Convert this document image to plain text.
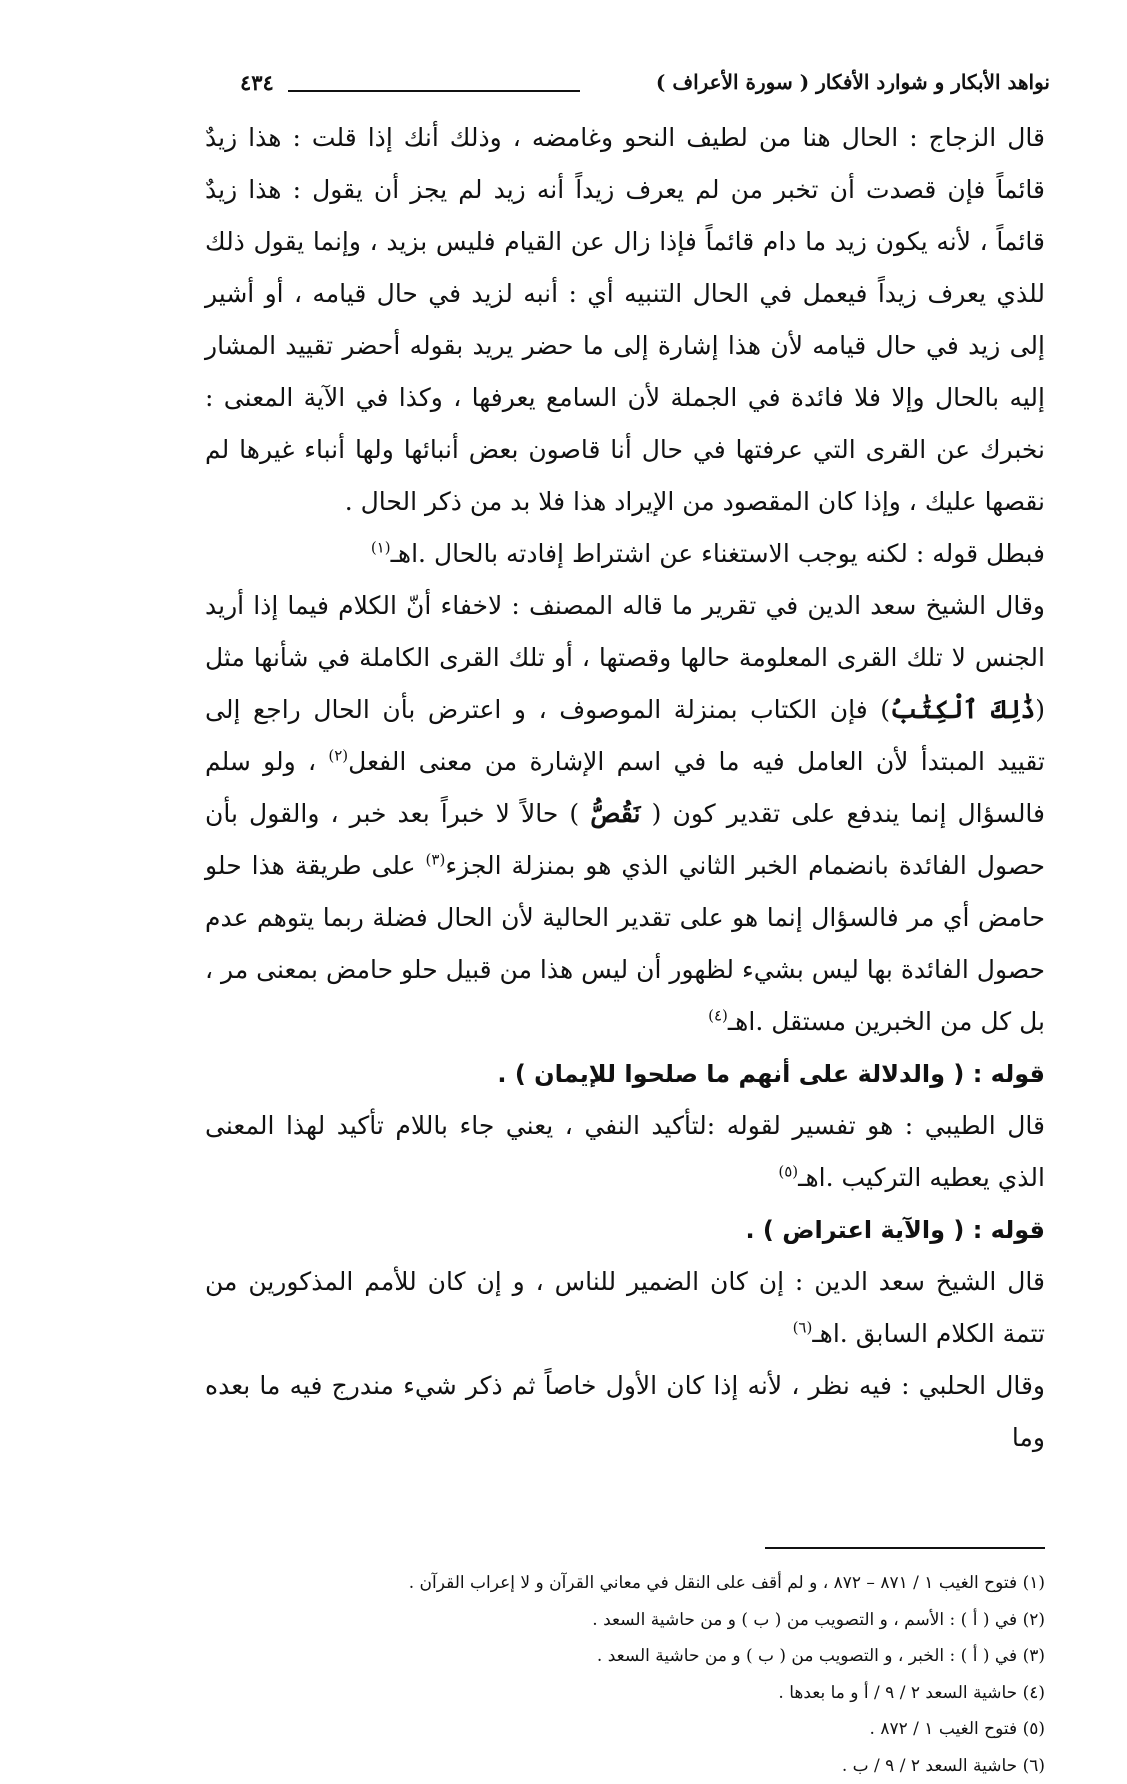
نواهد الأبكار و شوارد الأفكار ( سورة الأعراف )
٤٣٤

قال الزجاج : الحال هنا من لطيف النحو وغامضه ، وذلك أنك إذا قلت : هذا زيدٌ قائماً فإن قصدت أن تخبر من لم يعرف زيداً أنه زيد لم يجز أن يقول : هذا زيدٌ قائماً ، لأنه يكون زيد ما دام قائماً فإذا زال عن القيام فليس بزيد ، وإنما يقول ذلك للذي يعرف زيداً فيعمل في الحال التنبيه أي : أنبه لزيد في حال قيامه ، أو أشير إلى زيد في حال قيامه لأن هذا إشارة إلى ما حضر يريد بقوله أحضر تقييد المشار إليه بالحال وإلا فلا فائدة في الجملة لأن السامع يعرفها ، وكذا في الآية المعنى : نخبرك عن القرى التي عرفتها في حال أنا قاصون بعض أنبائها ولها أنباء غيرها لم نقصها عليك ، وإذا كان المقصود من الإيراد هذا فلا بد من ذكر الحال .

فبطل قوله : لكنه يوجب الاستغناء عن اشتراط إفادته بالحال .اهـ$^{(١)}$

وقال الشيخ سعد الدين في تقرير ما قاله المصنف : لاخفاء أنّ الكلام فيما إذا أريد الجنس لا تلك القرى المعلومة حالها وقصتها ، أو تلك القرى الكاملة في شأنها مثل (ذَٰلِكَ ٱلْكِتَٰبُ) فإن الكتاب بمنزلة الموصوف ، و اعترض بأن الحال راجع إلى تقييد المبتدأ لأن العامل فيه ما في اسم الإشارة من معنى الفعل$^{(٢)}$ ، ولو سلم فالسؤال إنما يندفع على تقدير كون ( نَقُصُّ ) حالاً لا خبراً بعد خبر ، والقول بأن حصول الفائدة بانضمام الخبر الثاني الذي هو بمنزلة الجزء$^{(٣)}$ على طريقة هذا حلو حامض أي مر فالسؤال إنما هو على تقدير الحالية لأن الحال فضلة ربما يتوهم عدم حصول الفائدة بها ليس بشيء لظهور أن ليس هذا من قبيل حلو حامض بمعنى مر ، بل كل من الخبرين مستقل .اهـ$^{(٤)}$

قوله : ( والدلالة على أنهم ما صلحوا للإيمان ) .

قال الطيبي : هو تفسير لقوله :لتأكيد النفي ، يعني جاء باللام تأكيد لهذا المعنى الذي يعطيه التركيب .اهـ$^{(٥)}$

قوله : ( والآية اعتراض ) .

قال الشيخ سعد الدين : إن كان الضمير للناس ، و إن كان للأمم المذكورين من تتمة الكلام السابق .اهـ$^{(٦)}$

وقال الحلبي : فيه نظر ، لأنه إذا كان الأول خاصاً ثم ذكر شيء مندرج فيه ما بعده وما

(١) فتوح الغيب ١ / ٨٧١ – ٨٧٢ ، و لم أقف على النقل في معاني القرآن و لا إعراب القرآن .

(٢) في ( أ ) : الأسم ، و التصويب من ( ب ) و من حاشية السعد .

(٣) في ( أ ) : الخبر ، و التصويب من ( ب ) و من حاشية السعد .

(٤) حاشية السعد ٢ / ٩ / أ و ما بعدها .

(٥) فتوح الغيب ١ / ٨٧٢ .

(٦) حاشية السعد ٢ / ٩ / ب .
